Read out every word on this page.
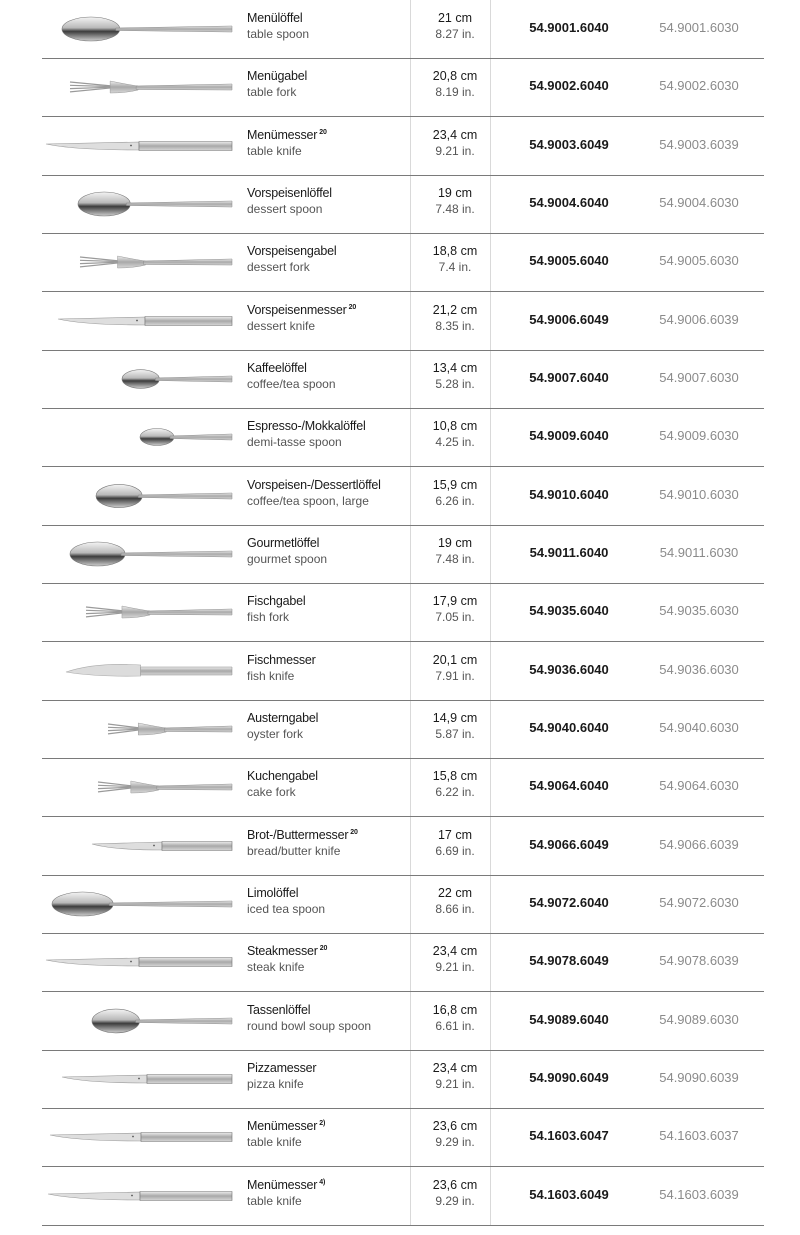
Menülöffel
table spoon
21 cm
8.27 in.	54.9001.6040	54.9001.6030
Menügabel
table fork
20,8 cm
8.19 in.	54.9002.6040	54.9002.6030
Menümesser $^{20}$
table knife
23,4 cm
9.21 in.	54.9003.6049	54.9003.6039
Vorspeisenlöffel
dessert spoon
19 cm
7.48 in.	54.9004.6040	54.9004.6030
Vorspeisengabel
dessert fork
18,8 cm
7.4 in.	54.9005.6040	54.9005.6030
Vorspeisenmesser $^{20}$
dessert knife
21,2 cm
8.35 in.	54.9006.6049	54.9006.6039
Kaffeelöffel
coffee/tea spoon
13,4 cm
5.28 in.	54.9007.6040	54.9007.6030
Espresso-/Mokkalöffel
demi-tasse spoon
10,8 cm
4.25 in.	54.9009.6040	54.9009.6030
Vorspeisen-/Dessertlöffel
coffee/tea spoon, large
15,9 cm
6.26 in.	54.9010.6040	54.9010.6030
Gourmetlöffel
gourmet spoon
19 cm
7.48 in.	54.9011.6040	54.9011.6030
Fischgabel
fish fork
17,9 cm
7.05 in.	54.9035.6040	54.9035.6030
Fischmesser
fish knife
20,1 cm
7.91 in.	54.9036.6040	54.9036.6030
Austerngabel
oyster fork
14,9 cm
5.87 in.	54.9040.6040	54.9040.6030
Kuchengabel
cake fork
15,8 cm
6.22 in.	54.9064.6040	54.9064.6030
Brot-/Buttermesser $^{20}$
bread/butter knife
17 cm
6.69 in.	54.9066.6049	54.9066.6039
Limolöffel
iced tea spoon
22 cm
8.66 in.	54.9072.6040	54.9072.6030
Steakmesser $^{20}$
steak knife
23,4 cm
9.21 in.	54.9078.6049	54.9078.6039
Tassenlöffel
round bowl soup spoon
16,8 cm
6.61 in.	54.9089.6040	54.9089.6030
Pizzamesser
pizza knife
23,4 cm
9.21 in.	54.9090.6049	54.9090.6039
Menümesser $^{2)}$
table knife
23,6 cm
9.29 in.	54.1603.6047	54.1603.6037
Menümesser $^{4)}$
table knife
23,6 cm
9.29 in.	54.1603.6049	54.1603.6039
